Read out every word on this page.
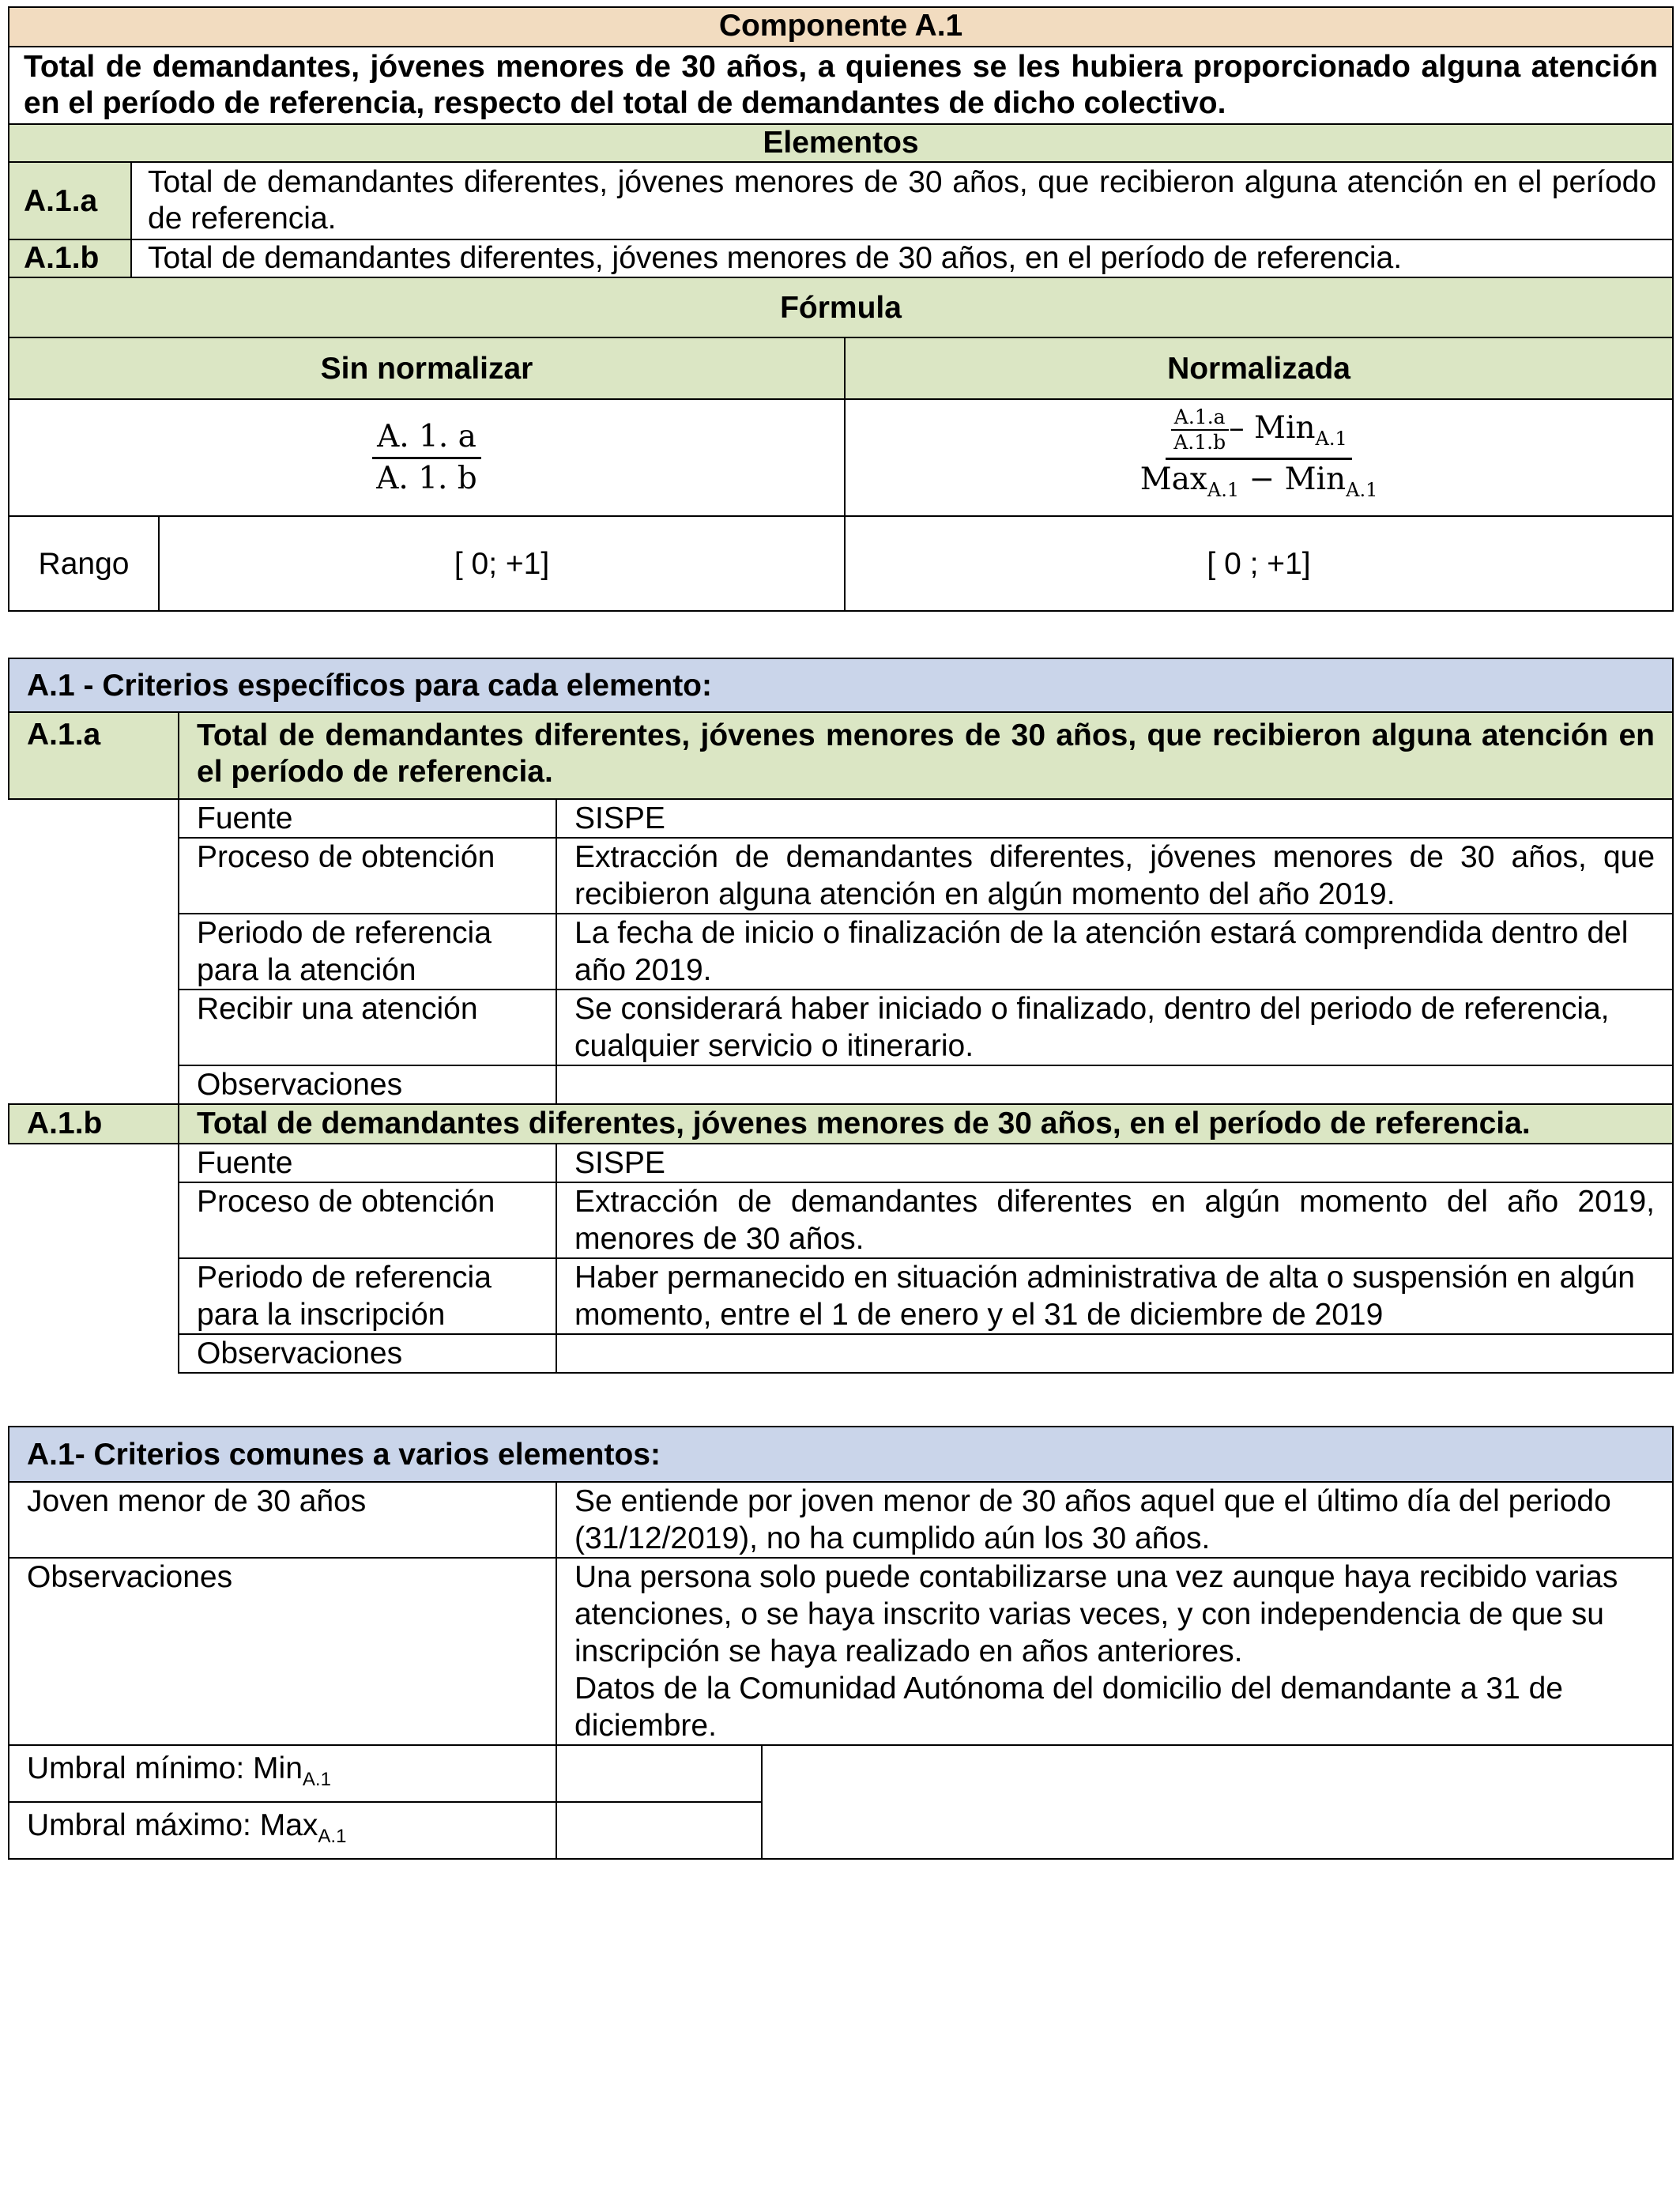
Componente A.1			
Total de demandantes, jóvenes menores de 30 años, a quienes se les hubiera proporcionado alguna atención en el período de referencia, respecto del total de demandantes de dicho colectivo.			
Elementos			
A.1.a	Total de demandantes diferentes, jóvenes menores de 30 años, que recibieron alguna atención en el período de referencia.		
A.1.b	Total de demandantes diferentes, jóvenes menores de 30 años, en el período de referencia.		
Fórmula			
Sin normalizar			Normalizada

$\frac{A. 1. a}{A. 1. b}$			$\frac{\frac{A.1.a}{A.1.b} - Min_{A.1}}{Max_{A.1} - Min_{A.1}}$

Rango		[ 0; +1]	[ 0 ; +1]
A.1 - Criterios específicos para cada elemento:		
A.1.a	Total de demandantes diferentes, jóvenes menores de 30 años, que recibieron alguna atención en el período de referencia.	
	Fuente	SISPE
	Proceso de obtención	Extracción de demandantes diferentes, jóvenes menores de 30 años, que recibieron alguna atención en algún momento del año 2019.
	Periodo de referencia para la atención	La fecha de inicio o finalización de la atención estará comprendida dentro del año 2019.
	Recibir una atención	Se considerará haber iniciado o finalizado, dentro del periodo de referencia, cualquier servicio o itinerario.
	Observaciones	
A.1.b	Total de demandantes diferentes, jóvenes menores de 30 años, en el período de referencia.	
	Fuente	SISPE
	Proceso de obtención	Extracción de demandantes diferentes en algún momento del año 2019, menores de 30 años.
	Periodo de referencia para la inscripción	Haber permanecido en situación administrativa de alta o suspensión en algún momento, entre el 1 de enero y el 31 de diciembre de 2019
	Observaciones	
A.1- Criterios comunes a varios elementos:		
Joven menor de 30 años	Se entiende por joven menor de 30 años aquel que el último día del periodo (31/12/2019), no ha cumplido aún los 30 años.	
Observaciones	Una persona solo puede contabilizarse una vez aunque haya recibido varias atenciones, o se haya inscrito varias veces, y con independencia de que su inscripción se haya realizado en años anteriores.
Datos de la Comunidad Autónoma del domicilio del demandante a 31 de diciembre.	

Umbral mínimo: Min$_{A.1}$		
Umbral máximo: Max$_{A.1}$	
